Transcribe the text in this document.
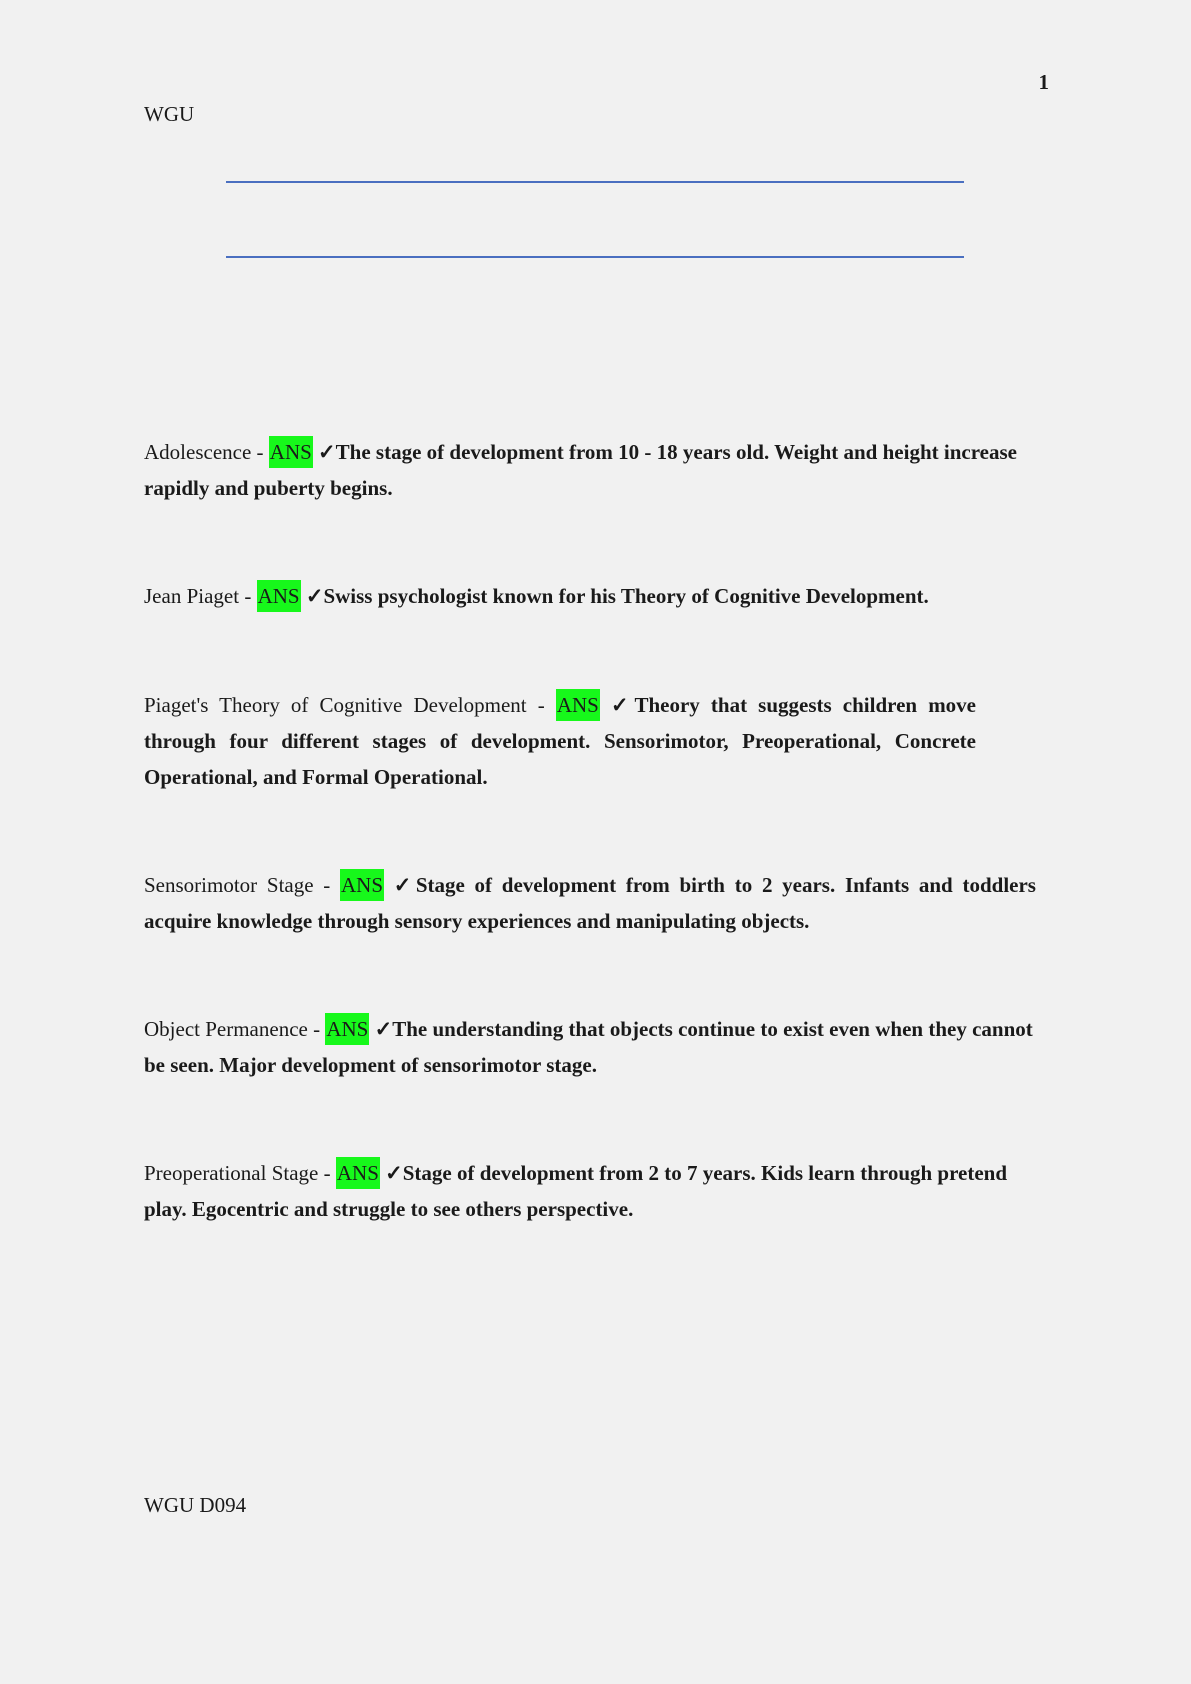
1
WGU

Adolescence - ANS ✓The stage of development from 10 - 18 years old. Weight and height increase rapidly and puberty begins.

Jean Piaget - ANS ✓Swiss psychologist known for his Theory of Cognitive Development.

Piaget's Theory of Cognitive Development - ANS ✓Theory that suggests children move through four different stages of development. Sensorimotor, Preoperational, Concrete Operational, and Formal Operational.

Sensorimotor Stage - ANS ✓Stage of development from birth to 2 years. Infants and toddlers acquire knowledge through sensory experiences and manipulating objects.

Object Permanence - ANS ✓The understanding that objects continue to exist even when they cannot be seen. Major development of sensorimotor stage.

Preoperational Stage - ANS ✓Stage of development from 2 to 7 years. Kids learn through pretend play. Egocentric and struggle to see others perspective.

WGU D094
